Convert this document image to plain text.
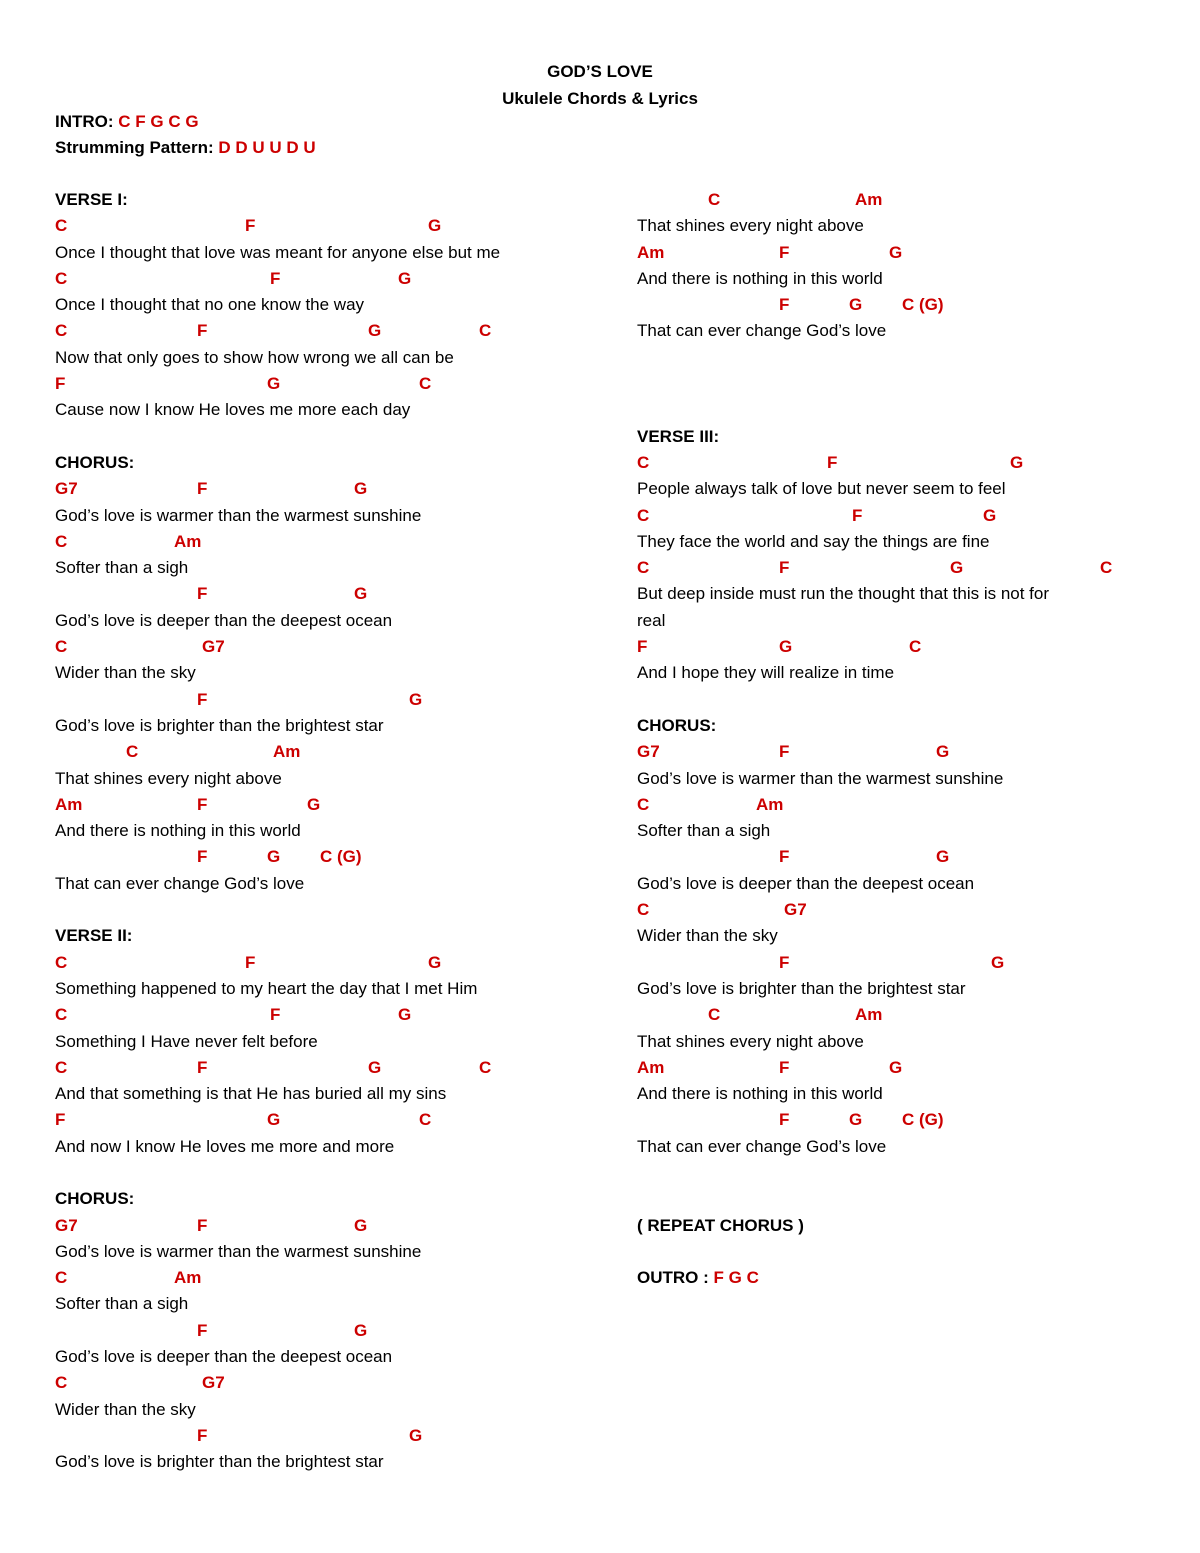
GOD’S LOVE
Ukulele Chords & Lyrics
INTRO: C F G C G
Strumming Pattern: D D U U D U
VERSE I:
C	F	G
Once I thought that love was meant for anyone else but me
C	F	G
Once I thought that no one know the way
C	F	G	C
Now that only goes to show how wrong we all can be
F	G	C
Cause now I know He loves me more each day
CHORUS:
G7	F	G
God’s love is warmer than the warmest sunshine
C	Am
Softer than a sigh
F	G
God’s love is deeper than the deepest ocean
C	G7
Wider than the sky
F	G
God’s love is brighter than the brightest star
C	Am
That shines every night above
Am	F	G
And there is nothing in this world
F	G C (G)
That can ever change God’s love
VERSE II:
C	F	G
Something happened to my heart the day that I met Him
C	F	G
Something I Have never felt before
C	F	G	C
And that something is that He has buried all my sins
F	G	C
And now I know He loves me more and more
CHORUS:
G7	F	G
God’s love is warmer than the warmest sunshine
C	Am
Softer than a sigh
F	G
God’s love is deeper than the deepest ocean
C	G7
Wider than the sky
F	G
God’s love is brighter than the brightest star
C	Am
That shines every night above
Am	F	G
And there is nothing in this world
F	G C (G)
That can ever change God’s love
VERSE III:
C	F	G
People always talk of love but never seem to feel
C	F	G
They face the world and say the things are fine
C	F	G	C
But deep inside must run the thought that this is not for
real
F	G	C
And I hope they will realize in time
CHORUS:
G7	F	G
God’s love is warmer than the warmest sunshine
C	Am
Softer than a sigh
F	G
God’s love is deeper than the deepest ocean
C	G7
Wider than the sky
F	G
God’s love is brighter than the brightest star
C	Am
That shines every night above
Am	F	G
And there is nothing in this world
F	G C (G)
That can ever change God’s love
( REPEAT CHORUS )
OUTRO : F G C
